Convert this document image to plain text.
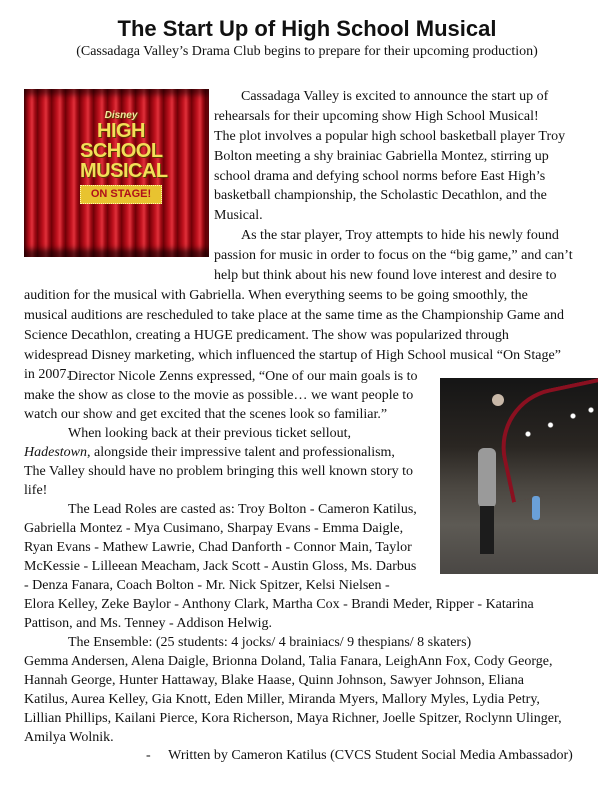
The Start Up of High School Musical
(Cassadaga Valley’s Drama Club begins to prepare for their upcoming production)
Disney
HIGH
SCHOOL
MUSICAL
ON STAGE!
Cassadaga Valley is excited to announce the start up of
rehearsals for their upcoming show High School Musical!
The plot involves a popular high school basketball player Troy
Bolton meeting a shy brainiac Gabriella Montez, stirring up
school drama and defying school norms before East High’s
basketball championship, the Scholastic Decathlon, and the
Musical.
As the star player, Troy attempts to hide his newly found
passion for music in order to focus on the “big game,” and can’t
help but think about his new found love interest and desire to
audition for the musical with Gabriella. When everything seems to be going smoothly, the
musical auditions are rescheduled to take place at the same time as the Championship Game and
Science Decathlon, creating a HUGE predicament. The show was popularized through
widespread Disney marketing, which influenced the startup of High School musical “On Stage”
in 2007.
Director Nicole Zenns expressed, “One of our main goals is to
make the show as close to the movie as possible… we want people to
watch our show and get excited that the scenes look so familiar.”
When looking back at their previous ticket sellout,
Hadestown, alongside their impressive talent and professionalism,
The Valley should have no problem bringing this well known story to
life!
The Lead Roles are casted as: Troy Bolton - Cameron Katilus,
Gabriella Montez - Mya Cusimano, Sharpay Evans - Emma Daigle,
Ryan Evans - Mathew Lawrie, Chad Danforth - Connor Main, Taylor
McKessie - Lilleean Meacham, Jack Scott - Austin Gloss, Ms. Darbus
- Denza Fanara, Coach Bolton - Mr. Nick Spitzer, Kelsi Nielsen -
Elora Kelley, Zeke Baylor - Anthony Clark, Martha Cox - Brandi Meder, Ripper - Katarina
Pattison, and Ms. Tenney - Addison Helwig.
The Ensemble: (25 students: 4 jocks/ 4 brainiacs/ 9 thespians/ 8 skaters)
Gemma Andersen, Alena Daigle, Brionna Doland, Talia Fanara, LeighAnn Fox, Cody George,
Hannah George, Hunter Hattaway, Blake Haase, Quinn Johnson, Sawyer Johnson, Eliana
Katilus, Aurea Kelley, Gia Knott, Eden Miller, Miranda Myers, Mallory Myles, Lydia Petry,
Lillian Phillips, Kailani Pierce, Kora Richerson, Maya Richner, Joelle Spitzer, Roclynn Ulinger,
Amilya Wolnik.
- Written by Cameron Katilus (CVCS Student Social Media Ambassador)
